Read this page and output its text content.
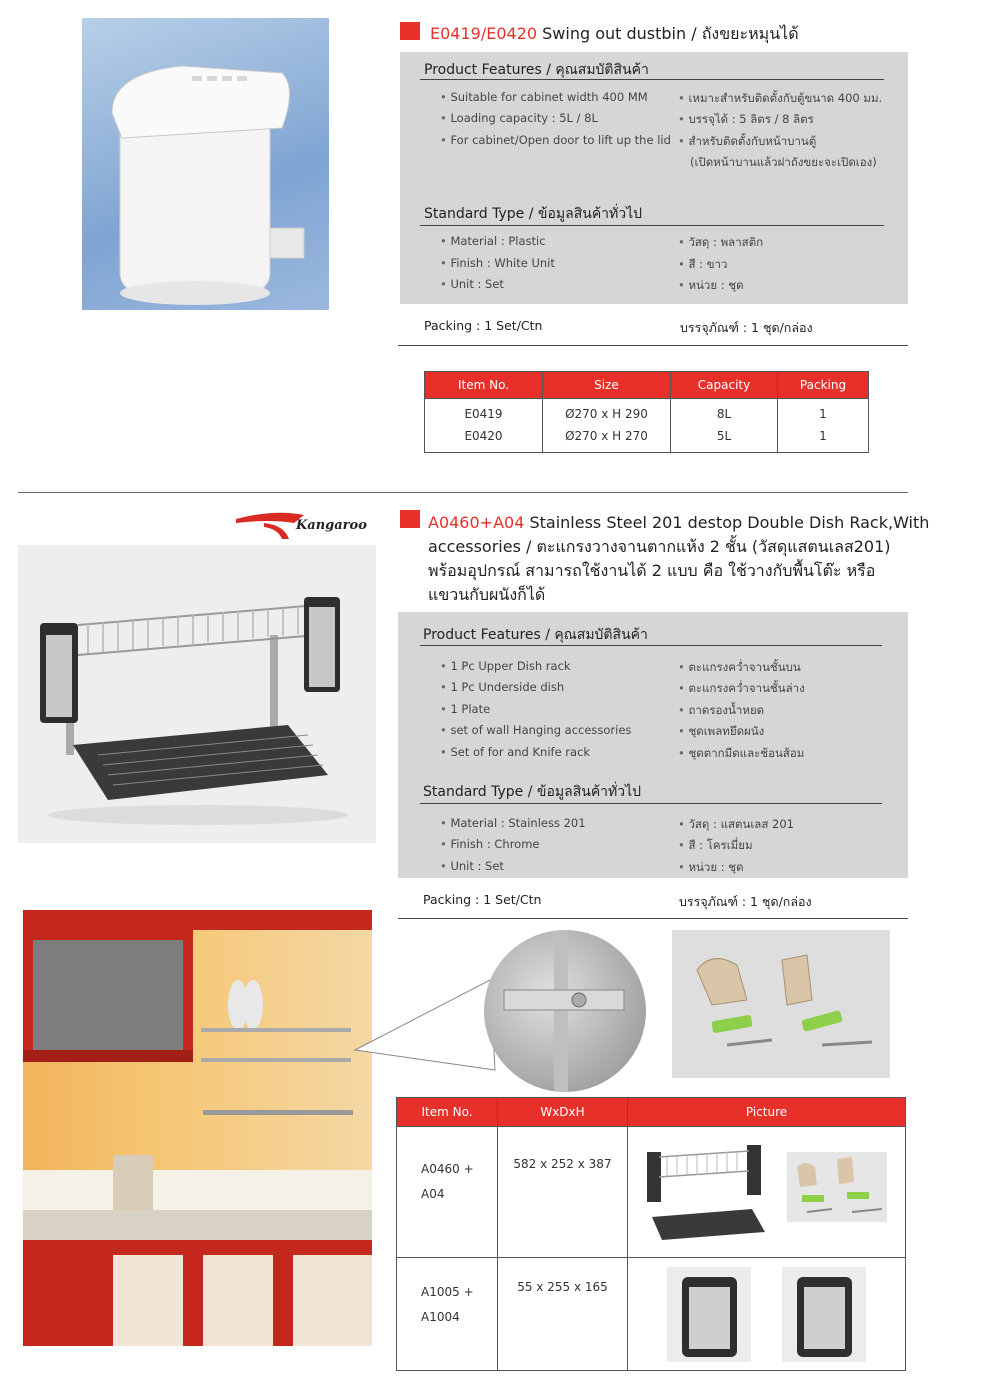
E0419/E0420 Swing out dustbin / ถังขยะหมุนได้
Product Features / คุณสมบัติสินค้า
• Suitable for cabinet width 400 MM
• Loading capacity : 5L / 8L
• For cabinet/Open door to lift up the lid
• เหมาะสำหรับติดตั้งกับตู้ขนาด 400 มม.
• บรรจุได้ : 5 ลิตร / 8 ลิตร
• สำหรับติดตั้งกับหน้าบานตู้
(เปิดหน้าบานแล้วฝาถังขยะจะเปิดเอง)
Standard Type / ข้อมูลสินค้าทั่วไป
• Material : Plastic
• Finish : White Unit
• Unit : Set
• วัสดุ : พลาสติก
• สี : ขาว
• หน่วย : ชุด
Packing : 1 Set/Ctn	บรรจุภัณฑ์ : 1 ชุด/กล่อง
Item No.	Size	Capacity	Packing
E0419	Ø270 x H 290	8L	1
E0420	Ø270 x H 270	5L	1
Kangaroo	A0460+A04 Stainless Steel 201 destop Double Dish Rack,With
accessories / ตะแกรงวางจานตากแห้ง 2 ชั้น (วัสดุแสตนเลส201)
พร้อมอุปกรณ์ สามารถใช้งานได้ 2 แบบ คือ ใช้วางกับพื้นโต๊ะ หรือ
แขวนกับผนังก็ได้
Product Features / คุณสมบัติสินค้า
• 1 Pc Upper Dish rack
• 1 Pc Underside dish
• 1 Plate
• set of wall Hanging accessories
• Set of for and Knife rack
• ตะแกรงคว่ำจานชั้นบน
• ตะแกรงคว่ำจานชั้นล่าง
• ถาดรองน้ำหยด
• ชุดเพลทยึดผนัง
• ชุดตากมีดและช้อนส้อม
Standard Type / ข้อมูลสินค้าทั่วไป
• Material : Stainless 201
• Finish : Chrome
• Unit : Set
• วัสดุ : แสตนเลส 201
• สี : โครเมี่ยม
• หน่วย : ชุด
Packing : 1 Set/Ctn	บรรจุภัณฑ์ : 1 ชุด/กล่อง
Item No.	WxDxH	Picture

A0460 +
A04	582 x 252 x 387	

A1005 +
A1004	55 x 255 x 165	
